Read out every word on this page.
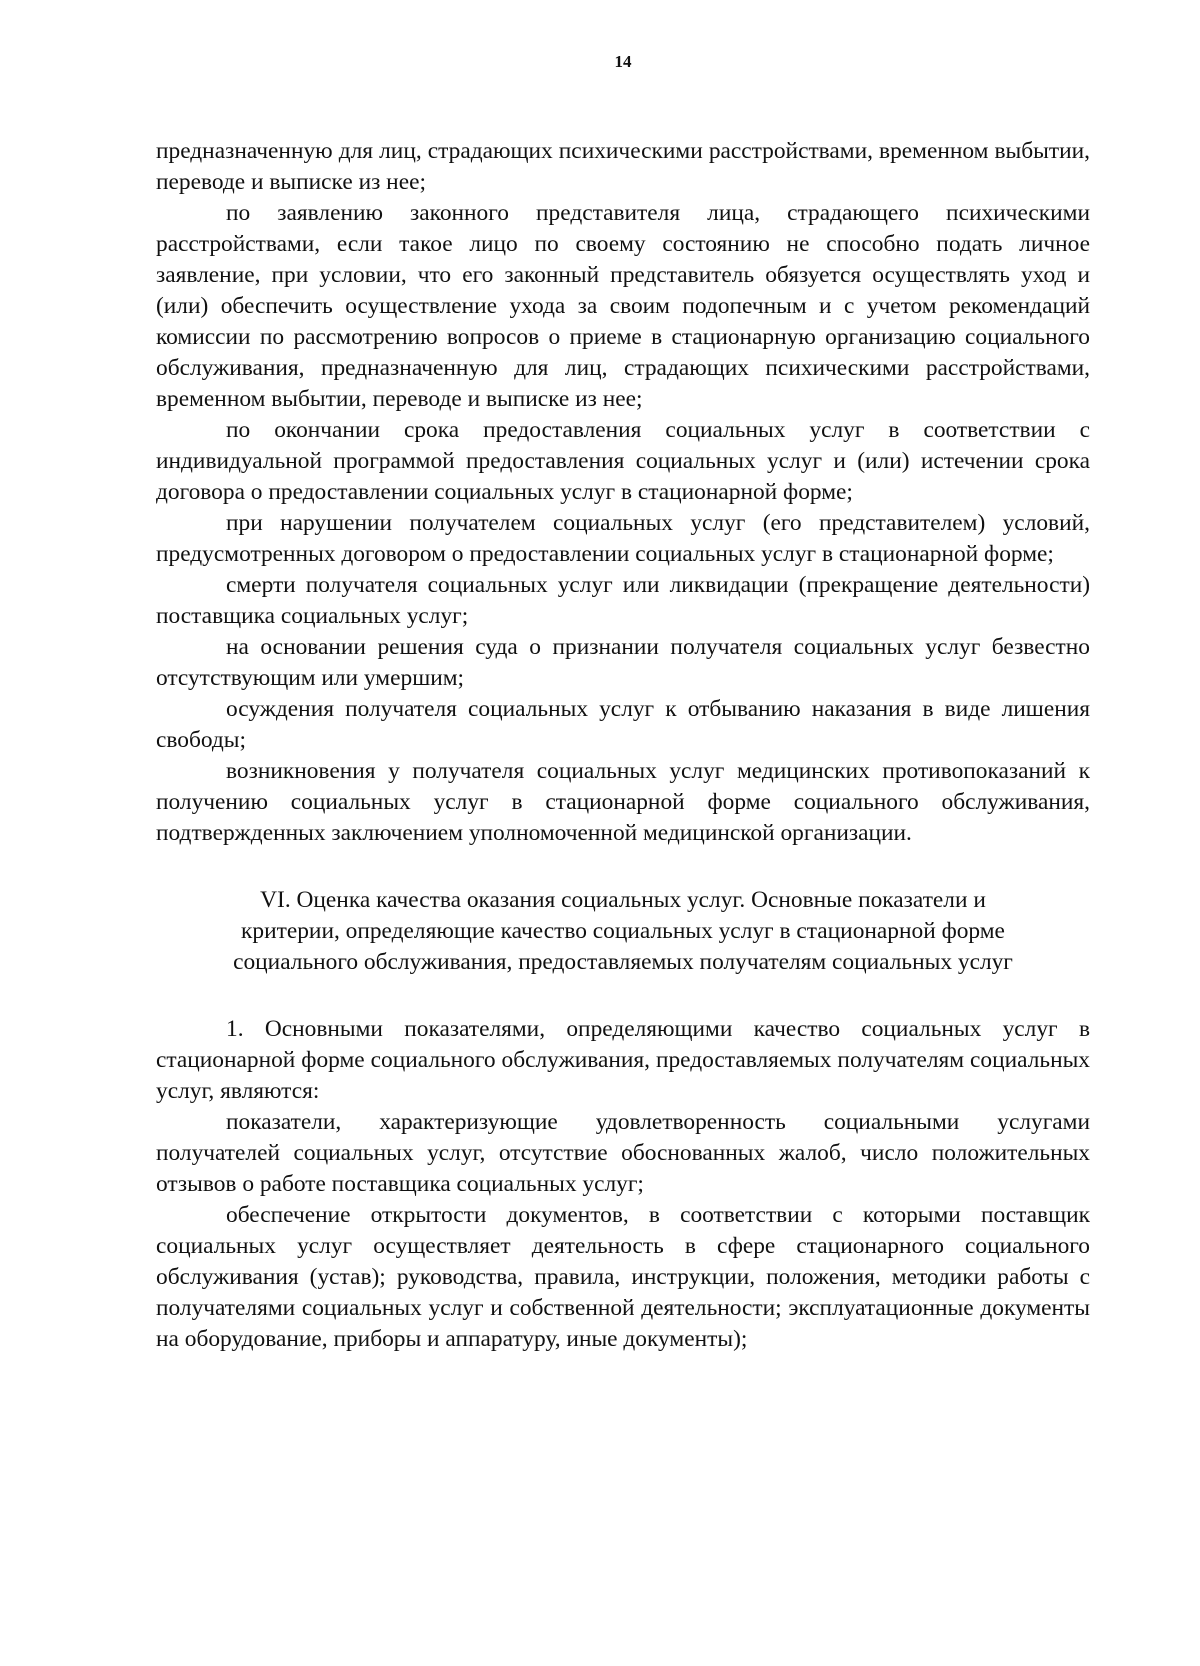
14

предназначенную для лиц, страдающих психическими расстройствами, временном выбытии, переводе и выписке из нее;

по заявлению законного представителя лица, страдающего психическими расстройствами, если такое лицо по своему состоянию не способно подать личное заявление, при условии, что его законный представитель обязуется осуществлять уход и (или) обеспечить осуществление ухода за своим подопечным и с учетом рекомендаций комиссии по рассмотрению вопросов о приеме в стационарную организацию социального обслуживания, предназначенную для лиц, страдающих психическими расстройствами, временном выбытии, переводе и выписке из нее;

по окончании срока предоставления социальных услуг в соответствии с индивидуальной программой предоставления социальных услуг и (или) истечении срока договора о предоставлении социальных услуг в стационарной форме;

при нарушении получателем социальных услуг (его представителем) условий, предусмотренных договором о предоставлении социальных услуг в стационарной форме;

смерти получателя социальных услуг или ликвидации (прекращение деятельности) поставщика социальных услуг;

на основании решения суда о признании получателя социальных услуг безвестно отсутствующим или умершим;

осуждения получателя социальных услуг к отбыванию наказания в виде лишения свободы;

возникновения у получателя социальных услуг медицинских противопоказаний к получению социальных услуг в стационарной форме социального обслуживания, подтвержденных заключением уполномоченной медицинской организации.

VI. Оценка качества оказания социальных услуг. Основные показатели и
критерии, определяющие качество социальных услуг в стационарной форме
социального обслуживания, предоставляемых получателям социальных услуг

1. Основными показателями, определяющими качество социальных услуг в стационарной форме социального обслуживания, предоставляемых получателям социальных услуг, являются:

показатели, характеризующие удовлетворенность социальными услугами получателей социальных услуг, отсутствие обоснованных жалоб, число положительных отзывов о работе поставщика социальных услуг;

обеспечение открытости документов, в соответствии с которыми поставщик социальных услуг осуществляет деятельность в сфере стационарного социального обслуживания (устав); руководства, правила, инструкции, положения, методики работы с получателями социальных услуг и собственной деятельности; эксплуатационные документы на оборудование, приборы и аппаратуру, иные документы);
